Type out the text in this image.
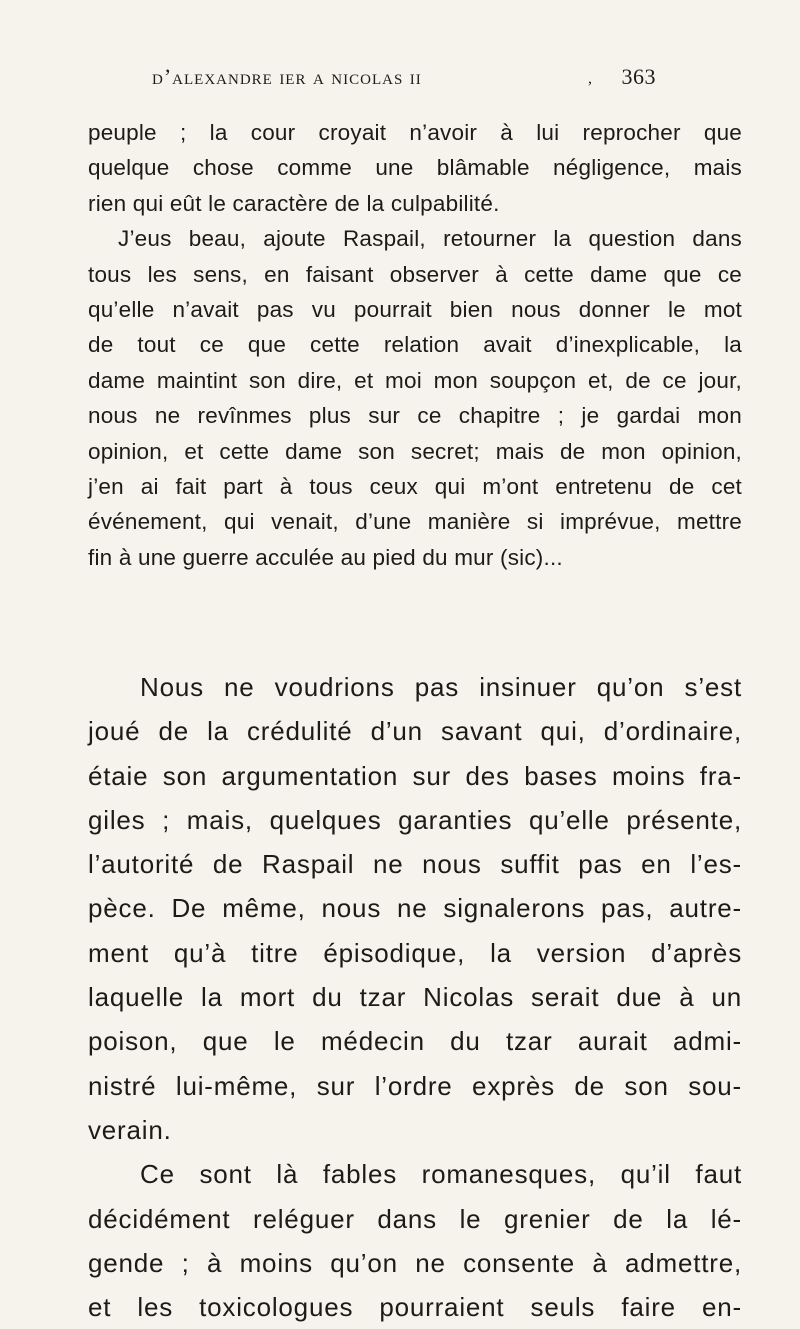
d’alexandre ier a nicolas ii	, 363
peuple ; la cour croyait n’avoir à lui reprocher que
quelque chose comme une blâmable négligence, mais
rien qui eût le caractère de la culpabilité.
J’eus beau, ajoute Raspail, retourner la question dans
tous les sens, en faisant observer à cette dame que ce
qu’elle n’avait pas vu pourrait bien nous donner le mot
de tout ce que cette relation avait d’inexplicable, la
dame maintint son dire, et moi mon soupçon et, de ce jour,
nous ne revînmes plus sur ce chapitre ; je gardai mon
opinion, et cette dame son secret; mais de mon opinion,
j’en ai fait part à tous ceux qui m’ont entretenu de cet
événement, qui venait, d’une manière si imprévue, mettre
fin à une guerre acculée au pied du mur (sic)...
Nous ne voudrions pas insinuer qu’on s’est
joué de la crédulité d’un savant qui, d’ordinaire,
étaie son argumentation sur des bases moins fra-
giles ; mais, quelques garanties qu’elle présente,
l’autorité de Raspail ne nous suffit pas en l’es-
pèce. De même, nous ne signalerons pas, autre-
ment qu’à titre épisodique, la version d’après
laquelle la mort du tzar Nicolas serait due à un
poison, que le médecin du tzar aurait admi-
nistré lui-même, sur l’ordre exprès de son sou-
verain.
Ce sont là fables romanesques, qu’il faut
décidément reléguer dans le grenier de la lé-
gende ; à moins qu’on ne consente à admettre,
et les toxicologues pourraient seuls faire en-
